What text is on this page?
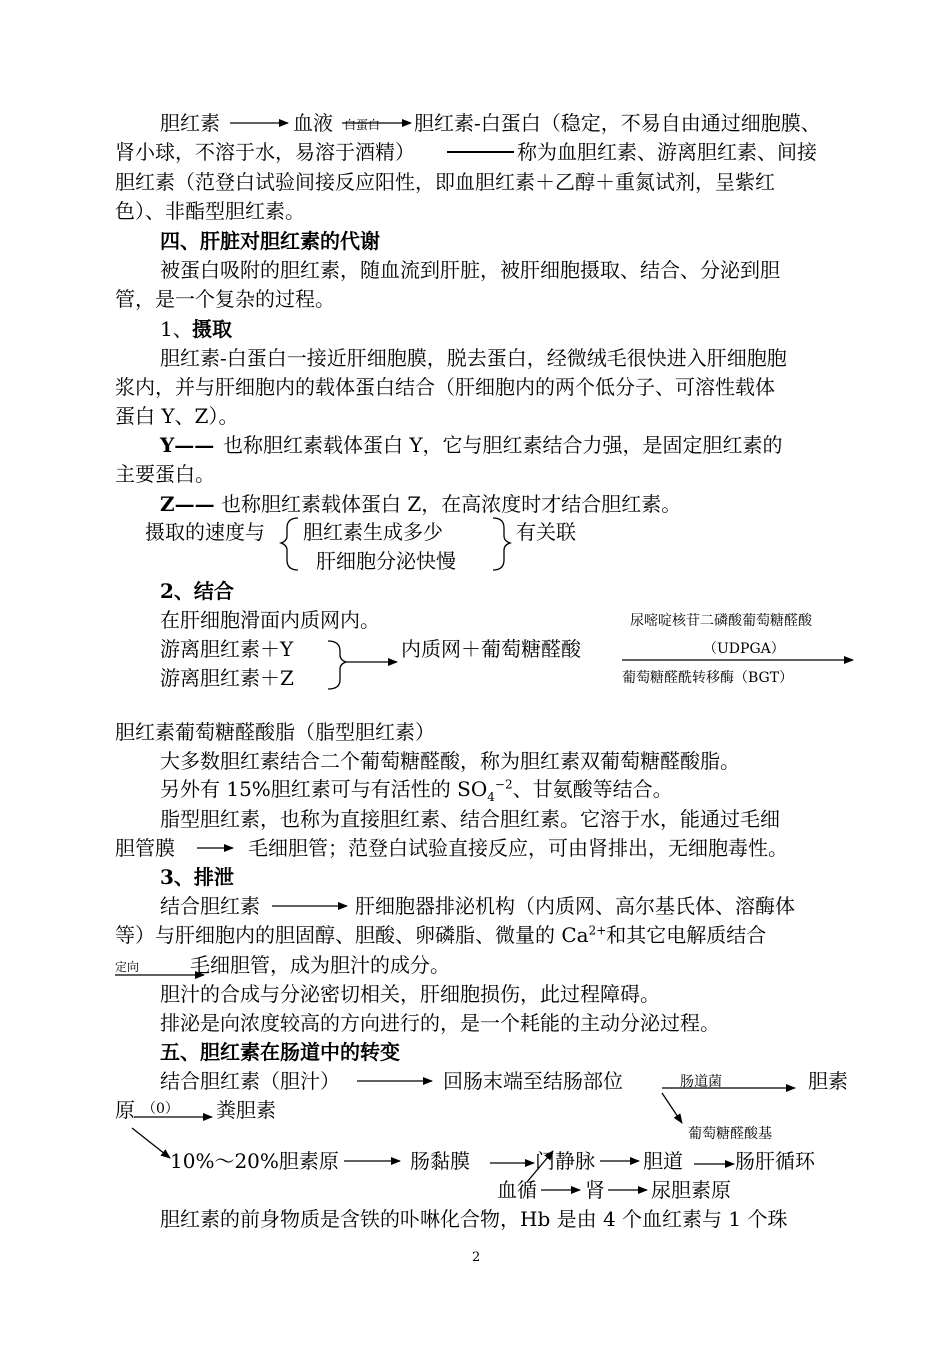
胆红素	血液 白蛋白 胆红素-白蛋白（稳定，不易自由通过细胞膜、
肾小球，不溶于水，易溶于酒精）	称为血胆红素、游离胆红素、间接
胆红素（范登白试验间接反应阳性，即血胆红素＋乙醇＋重氮试剂，呈紫红
色）、非酯型胆红素。
四、肝脏对胆红素的代谢
被蛋白吸附的胆红素，随血流到肝脏，被肝细胞摄取、结合、分泌到胆
管，是一个复杂的过程。
1、 摄取
胆红素-白蛋白一接近肝细胞膜，脱去蛋白，经微绒毛很快进入肝细胞胞
浆内，并与肝细胞内的载体蛋白结合（肝细胞内的两个低分子、可溶性载体
蛋白 Y、Z）。
Y—— 也称胆红素载体蛋白 Y，它与胆红素结合力强，是固定胆红素的
主要蛋白。
Z—— 也称胆红素载体蛋白 Z，在高浓度时才结合胆红素。
摄取的速度与 胆红素生成多少
肝细胞分泌快慢
有关联
2、结合
在肝细胞滑面内质网内。	尿嘧啶核苷二磷酸葡萄糖醛酸
游离胆红素＋Y	内质网＋葡萄糖醛酸	（UDPGA）
游离胆红素＋Z	葡萄糖醛酰转移酶（BGT）
胆红素葡萄糖醛酸脂（脂型胆红素）
大多数胆红素结合二个葡萄糖醛酸，称为胆红素双葡萄糖醛酸脂。
另外有 15%胆红素可与有活性的 $SO_4^{-2}$、甘氨酸等结合。
脂型胆红素，也称为直接胆红素、结合胆红素。它溶于水，能通过毛细
胆管膜	毛细胆管；范登白试验直接反应，可由肾排出，无细胞毒性。
3、排泄
结合胆红素	肝细胞器排泌机构（内质网、高尔基氏体、溶酶体
等）与肝细胞内的胆固醇、胆酸、卵磷脂、微量的 $Ca^{2+}$和其它电解质结合
定向	毛细胆管，成为胆汁的成分。
胆汁的合成与分泌密切相关，肝细胞损伤，此过程障碍。
排泌是向浓度较高的方向进行的，是一个耗能的主动分泌过程。
五、胆红素在肠道中的转变
结合胆红素（胆汁）	回肠末端至结肠部位	肠道菌	胆素
原 （0） 粪胆素
葡萄糖醛酸基
10%～20%胆素原	肠黏膜	门静脉 胆道	肠肝循环
血循 肾 尿胆素原
胆红素的前身物质是含铁的卟啉化合物，Hb 是由 4 个血红素与 1 个珠
2
